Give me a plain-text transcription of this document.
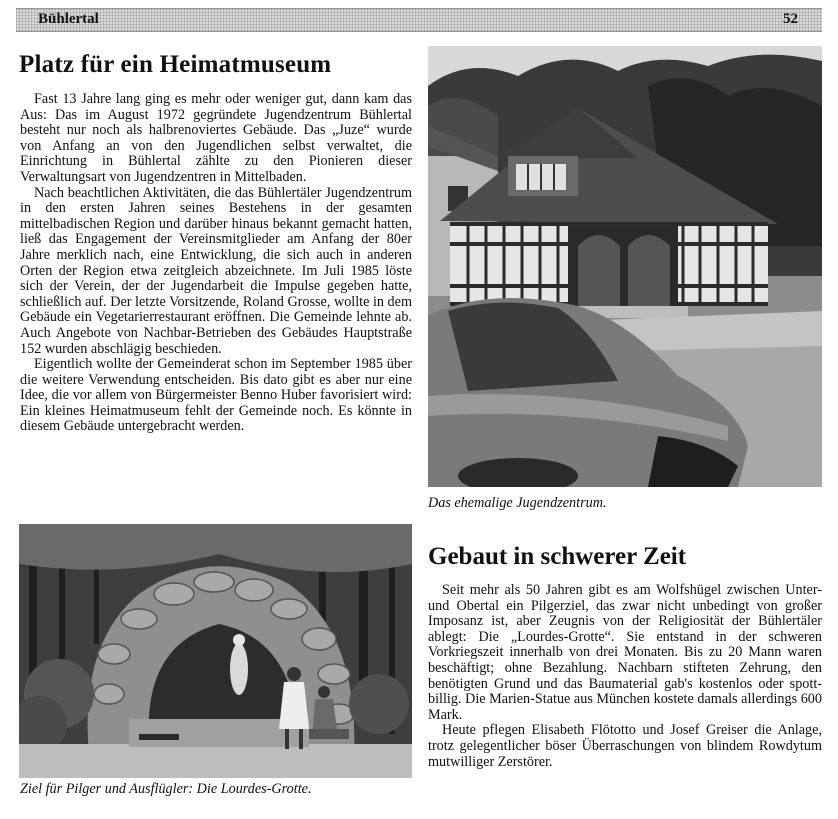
Bühlertal	52
Platz für ein Heimatmuseum

Fast 13 Jahre lang ging es mehr oder weniger gut, dann kam das Aus: Das im August 1972 gegründete Jugendzentrum Bühlertal besteht nur noch als halbrenoviertes Gebäude. Das „Juze“ wurde von Anfang an von den Jugendlichen selbst verwaltet, die Einrichtung in Bühlertal zählte zu den Pionieren dieser Verwaltungsart von Jugendzentren in Mittelbaden.

Nach beachtlichen Aktivitäten, die das Bühlertäler Jugendzentrum in den ersten Jahren seines Bestehens in der gesamten mittelbadischen Region und darüber hinaus bekannt gemacht hatten, ließ das Engagement der Vereinsmitglieder am Anfang der 80er Jahre merklich nach, eine Entwicklung, die sich auch in anderen Orten der Region etwa zeitgleich abzeichnete. Im Juli 1985 löste sich der Verein, der der Jugendarbeit die Impulse gegeben hatte, schließlich auf. Der letzte Vorsitzende, Roland Grosse, wollte in dem Gebäude ein Vegetarierrestaurant eröffnen. Die Gemeinde lehnte ab. Auch Angebote von Nachbar-Betrieben des Gebäudes Hauptstraße 152 wurden abschlägig beschieden.

Eigentlich wollte der Gemeinderat schon im September 1985 über die weitere Verwendung entscheiden. Bis dato gibt es aber nur eine Idee, die vor allem von Bürgermeister Benno Huber favorisiert wird: Ein kleines Heimatmuseum fehlt der Gemeinde noch. Es könnte in diesem Gebäude untergebracht werden.

Das ehemalige Jugendzentrum.
Gebaut in schwerer Zeit

Seit mehr als 50 Jahren gibt es am Wolfshügel zwischen Unter- und Obertal ein Pilgerziel, das zwar nicht unbedingt von großer Imposanz ist, aber Zeugnis von der Religiosität der Bühlertäler ablegt: Die „Lourdes-Grotte“. Sie entstand in der schweren Vorkriegszeit innerhalb von drei Monaten. Bis zu 20 Mann waren beschäftigt; ohne Bezahlung. Nachbarn stifteten Zehrung, den benötigten Grund und das Baumaterial gab's kostenlos oder spottbillig. Die Marien-Statue aus München kostete damals allerdings 600 Mark.

Heute pflegen Elisabeth Flötotto und Josef Greiser die Anlage, trotz gelegentlicher böser Überraschungen von blindem Rowdytum mutwilliger Zerstörer.

Ziel für Pilger und Ausflügler: Die Lourdes-Grotte.
